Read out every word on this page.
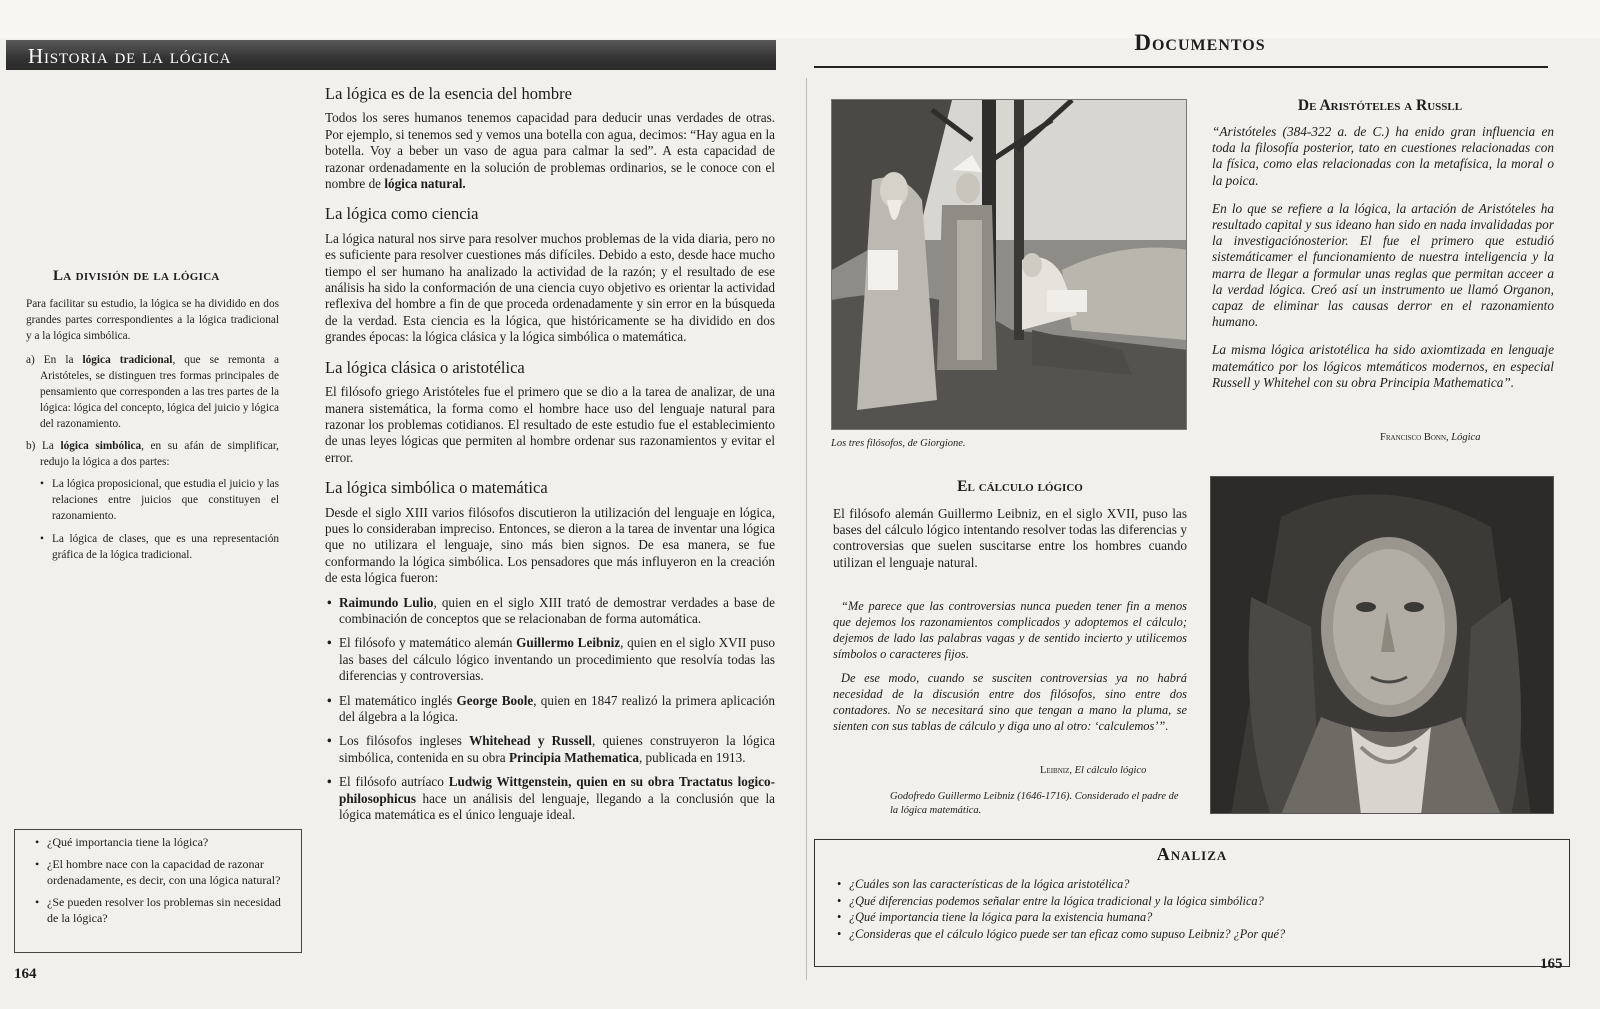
Historia de la lógica
La división de la lógica

Para facilitar su estudio, la lógica se ha dividido en dos grandes partes correspondientes a la lógica tradicional y a la lógica simbólica.

a) En la lógica tradicional, que se remonta a Aristóteles, se distinguen tres formas principales de pensamiento que corresponden a las tres partes de la lógica: lógica del concepto, lógica del juicio y lógica del razonamiento.

b) La lógica simbólica, en su afán de simplificar, redujo la lógica a dos partes:

• La lógica proposicional, que estudia el juicio y las relaciones entre juicios que constituyen el razonamiento.
• La lógica de clases, que es una representación gráfica de la lógica tradicional.
• ¿Qué importancia tiene la lógica?
• ¿El hombre nace con la capacidad de razonar ordenadamente, es decir, con una lógica natural?
• ¿Se pueden resolver los problemas sin necesidad de la lógica?
La lógica es de la esencia del hombre

Todos los seres humanos tenemos capacidad para deducir unas verdades de otras. Por ejemplo, si tenemos sed y vemos una botella con agua, decimos: “Hay agua en la botella. Voy a beber un vaso de agua para calmar la sed”. A esta capacidad de razonar ordenadamente en la solución de problemas ordinarios, se le conoce con el nombre de lógica natural.

La lógica como ciencia

La lógica natural nos sirve para resolver muchos problemas de la vida diaria, pero no es suficiente para resolver cuestiones más difíciles. Debido a esto, desde hace mucho tiempo el ser humano ha analizado la actividad de la razón; y el resultado de ese análisis ha sido la conformación de una ciencia cuyo objetivo es orientar la actividad reflexiva del hombre a fin de que proceda ordenadamente y sin error en la búsqueda de la verdad. Esta ciencia es la lógica, que históricamente se ha dividido en dos grandes épocas: la lógica clásica y la lógica simbólica o matemática.

La lógica clásica o aristotélica

El filósofo griego Aristóteles fue el primero que se dio a la tarea de analizar, de una manera sistemática, la forma como el hombre hace uso del lenguaje natural para razonar los problemas cotidianos. El resultado de este estudio fue el establecimiento de unas leyes lógicas que permiten al hombre ordenar sus razonamientos y evitar el error.

La lógica simbólica o matemática

Desde el siglo XIII varios filósofos discutieron la utilización del lenguaje en lógica, pues lo consideraban impreciso. Entonces, se dieron a la tarea de inventar una lógica que no utilizara el lenguaje, sino más bien signos. De esa manera, se fue conformando la lógica simbólica. Los pensadores que más influyeron en la creación de esta lógica fueron:

• Raimundo Lulio, quien en el siglo XIII trató de demostrar verdades a base de combinación de conceptos que se relacionaban de forma automática.
• El filósofo y matemático alemán Guillermo Leibniz, quien en el siglo XVII puso las bases del cálculo lógico inventando un procedimiento que resolvía todas las diferencias y controversias.
• El matemático inglés George Boole, quien en 1847 realizó la primera aplicación del álgebra a la lógica.
• Los filósofos ingleses Whitehead y Russell, quienes construyeron la lógica simbólica, contenida en su obra Principia Mathematica, publicada en 1913.
• El filósofo autríaco Ludwig Wittgenstein, quien en su obra Tractatus logico-philosophicus hace un análisis del lenguaje, llegando a la conclusión que la lógica matemática es el único lenguaje ideal.
164
Documentos
Los tres filósofos, de Giorgione.
De Aristóteles a Russll

“Aristóteles (384-322 a. de C.) ha enido gran influencia en toda la filosofía posterior, tato en cuestiones relacionadas con la física, como elas relacionadas con la metafísica, la moral o la poica.

En lo que se refiere a la lógica, la artación de Aristóteles ha resultado capital y sus ideano han sido en nada invalidadas por la investigaciónosterior. El fue el primero que estudió sistemáticamer el funcionamiento de nuestra inteligencia y la marra de llegar a formular unas reglas que permitan acceer a la verdad lógica. Creó así un instrumento ue llamó Organon, capaz de eliminar las causas derror en el razonamiento humano.

La misma lógica aristotélica ha sido axiomtizada en lenguaje matemático por los lógicos mtemáticos modernos, en especial Russell y Whitehel con su obra Principia Mathematica”.

Francisco Bonn, Lógica
El cálculo lógico
El filósofo alemán Guillermo Leibniz, en el siglo XVII, puso las bases del cálculo lógico intentando resolver todas las diferencias y controversias que suelen suscitarse entre los hombres cuando utilizan el lenguaje natural.

“Me parece que las controversias nunca pueden tener fin a menos que dejemos los razonamientos complicados y adoptemos el cálculo; dejemos de lado las palabras vagas y de sentido incierto y utilicemos símbolos o caracteres fijos.

De ese modo, cuando se susciten controversias ya no habrá necesidad de la discusión entre dos filósofos, sino entre dos contadores. No se necesitará sino que tengan a mano la pluma, se sienten con sus tablas de cálculo y diga uno al otro: ‘calculemos’”.

Leibniz, El cálculo lógico
Godofredo Guillermo Leibniz (1646-1716). Considerado el padre de la lógica matemática.
Analiza
• ¿Cuáles son las características de la lógica aristotélica?
• ¿Qué diferencias podemos señalar entre la lógica tradicional y la lógica simbólica?
• ¿Qué importancia tiene la lógica para la existencia humana?
• ¿Consideras que el cálculo lógico puede ser tan eficaz como supuso Leibniz? ¿Por qué?
165
